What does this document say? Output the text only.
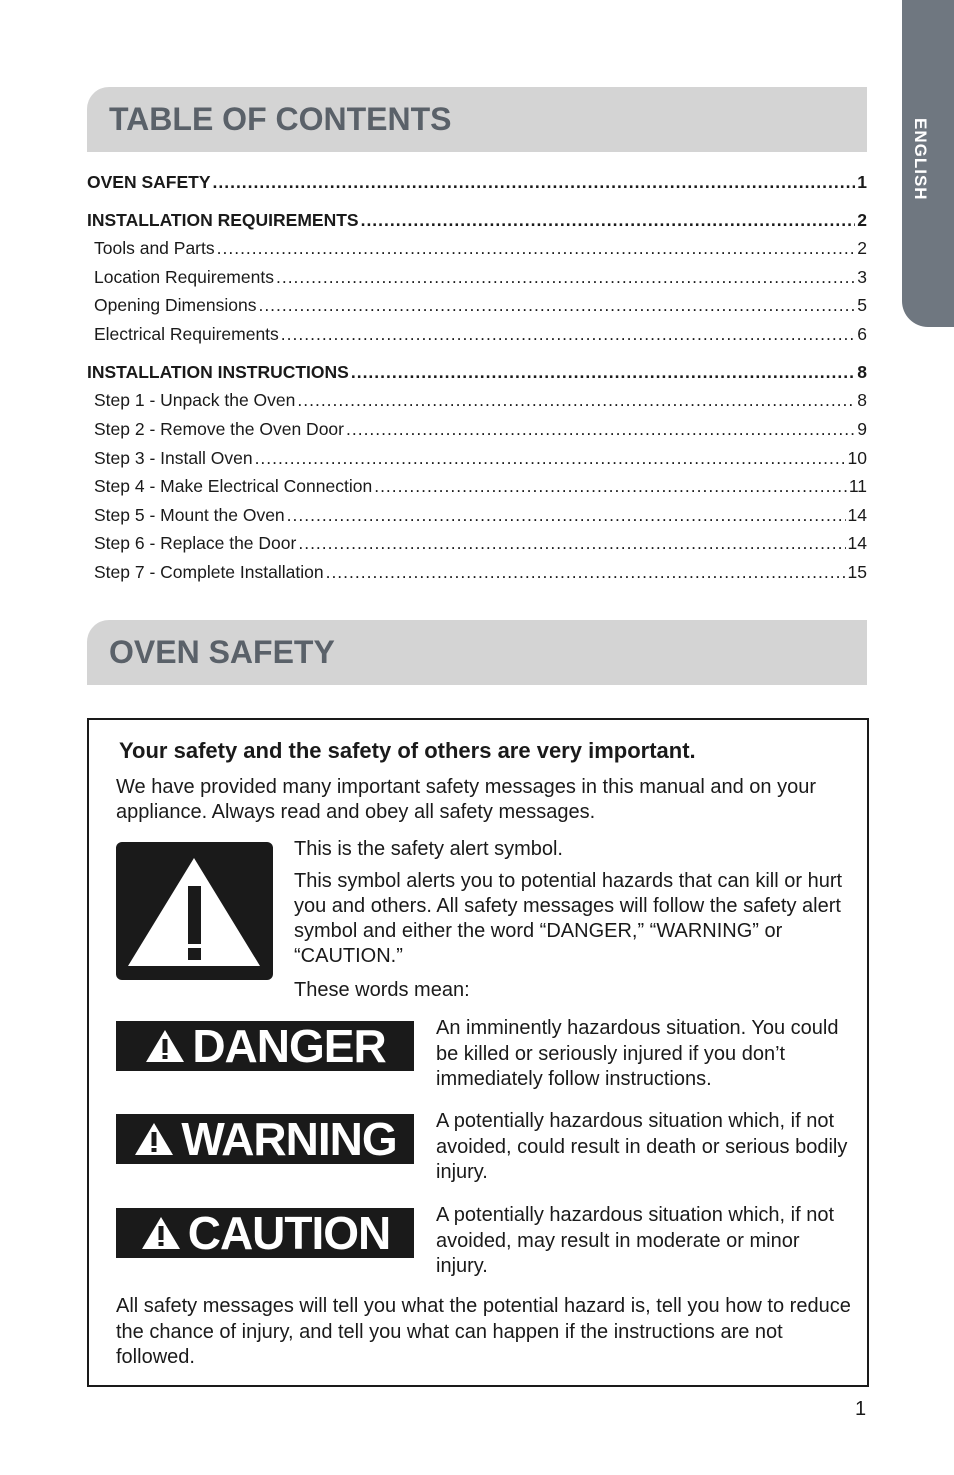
ENGLISH
TABLE OF CONTENTS
OVEN SAFETY .....	1
INSTALLATION REQUIREMENTS .....	2
Tools and Parts .....	2
Location Requirements .....	3
Opening Dimensions .....	5
Electrical Requirements .....	6
INSTALLATION INSTRUCTIONS .....	8
Step 1 - Unpack the Oven .....	8
Step 2 - Remove the Oven Door .....	9
Step 3 - Install Oven .....	10
Step 4 - Make Electrical Connection .....	11
Step 5 - Mount the Oven .....	14
Step 6 - Replace the Door .....	14
Step 7 - Complete Installation .....	15
OVEN SAFETY

Your safety and the safety of others are very important.

We have provided many important safety messages in this manual and on your appliance. Always read and obey all safety messages.

This is the safety alert symbol.

This symbol alerts you to potential hazards that can kill or hurt you and others. All safety messages will follow the safety alert symbol and either the word “DANGER,” “WARNING” or “CAUTION.”

These words mean:

DANGER	An imminently hazardous situation. You could be killed or seriously injured if you don’t immediately follow instructions.

WARNING A potentially hazardous situation which, if not avoided, could result in death or serious bodily injury.

CAUTION A potentially hazardous situation which, if not avoided, may result in moderate or minor injury.

All safety messages will tell you what the potential hazard is, tell you how to reduce the chance of injury, and tell you what can happen if the instructions are not followed.

1
